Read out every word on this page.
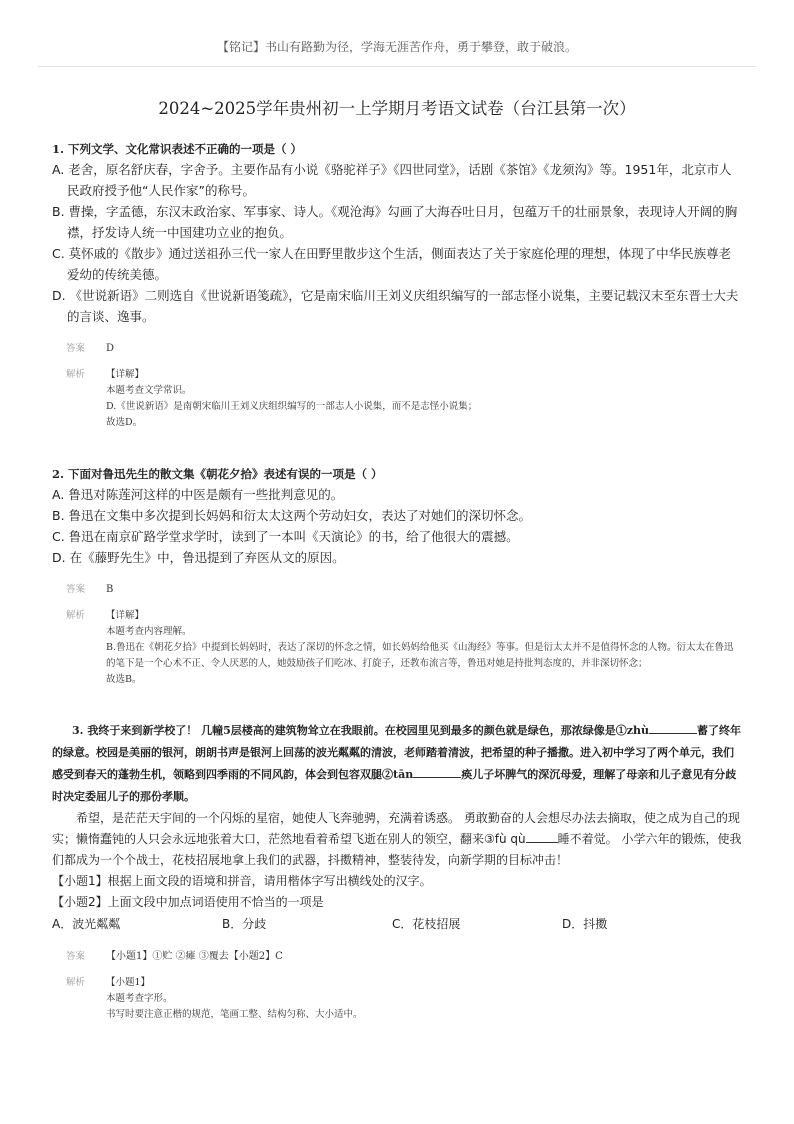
【铭记】书山有路勤为径，学海无涯苦作舟，勇于攀登，敢于破浪。
2024~2025学年贵州初一上学期月考语文试卷（台江县第一次）

1. 下列文学、文化常识表述不正确的一项是（ ）

A. 老舍，原名舒庆春，字舍予。主要作品有小说《骆驼祥子》《四世同堂》，话剧《茶馆》《龙须沟》等。1951年，北京市人民政府授予他“人民作家”的称号。
B. 曹操，字孟德，东汉末政治家、军事家、诗人。《观沧海》勾画了大海吞吐日月，包蕴万千的壮丽景象，表现诗人开阔的胸襟，抒发诗人统一中国建功立业的抱负。
C. 莫怀戚的《散步》通过送祖孙三代一家人在田野里散步这个生活，侧面表达了关于家庭伦理的理想，体现了中华民族尊老爱幼的传统美德。
D. 《世说新语》二则选自《世说新语笺疏》，它是南宋临川王刘义庆组织编写的一部志怪小说集，主要记载汉末至东晋士大夫的言谈、逸事。
答案	D
解析	【详解】
本题考查文学常识。
D.《世说新语》是南朝宋临川王刘义庆组织编写的一部志人小说集，而不是志怪小说集；
故选D。

2. 下面对鲁迅先生的散文集《朝花夕拾》表述有误的一项是（ ）

A. 鲁迅对陈莲河这样的中医是颇有一些批判意见的。
B. 鲁迅在文集中多次提到长妈妈和衍太太这两个劳动妇女，表达了对她们的深切怀念。
C. 鲁迅在南京矿路学堂求学时，读到了一本叫《天演论》的书，给了他很大的震撼。
D. 在《藤野先生》中，鲁迅提到了弃医从文的原因。
答案	B
解析	【详解】
本题考查内容理解。
B.鲁迅在《朝花夕拾》中提到长妈妈时，表达了深切的怀念之情，如长妈妈给他买《山海经》等事。但是衍太太并不是值得怀念的人物。衍太太在鲁迅的笔下是一个心术不正、令人厌恶的人，她鼓励孩子们吃冰、打旋子，还教布流言等，鲁迅对她是持批判态度的，并非深切怀念；
故选B。

3. 我终于来到新学校了！ 几幢5层楼高的建筑物耸立在我眼前。在校园里见到最多的颜色就是绿色，那浓绿像是①zhù	蓄了终年的绿意。校园是美丽的银河，朗朗书声是银河上回荡的波光粼粼的清波，老师踏着清波，把希望的种子播撒。进入初中学习了两个单元，我们感受到春天的蓬勃生机，领略到四季雨的不同风韵，体会到包容双腿②tān	痪儿子坏脾气的深沉母爱，理解了母亲和儿子意见有分歧时决定委屈儿子的那份孝顺。

希望，是茫茫天宇间的一个闪烁的星宿，她使人飞奔驰骋，充满着诱惑。 勇敢勤奋的人会想尽办法去摘取，使之成为自己的现实；懒惰蠢钝的人只会永远地张着大口，茫然地看着希望飞逝在别人的领空，翻来③fù qù	睡不着觉。 小学六年的锻炼，使我们都成为一个个战士，花枝招展地拿上我们的武器，抖擞精神，整装待发，向新学期的目标冲击！

【小题1】根据上面文段的语境和拼音，请用楷体字写出横线处的汉字。

【小题2】上面文段中加点词语使用不恰当的一项是

A．波光粼粼	B．分歧	C．花枝招展	D．抖擞
答案	【小题1】①贮 ②瘫 ③覆去【小题2】C
解析	【小题1】
本题考查字形。
书写时要注意正楷的规范，笔画工整、结构匀称、大小适中。
